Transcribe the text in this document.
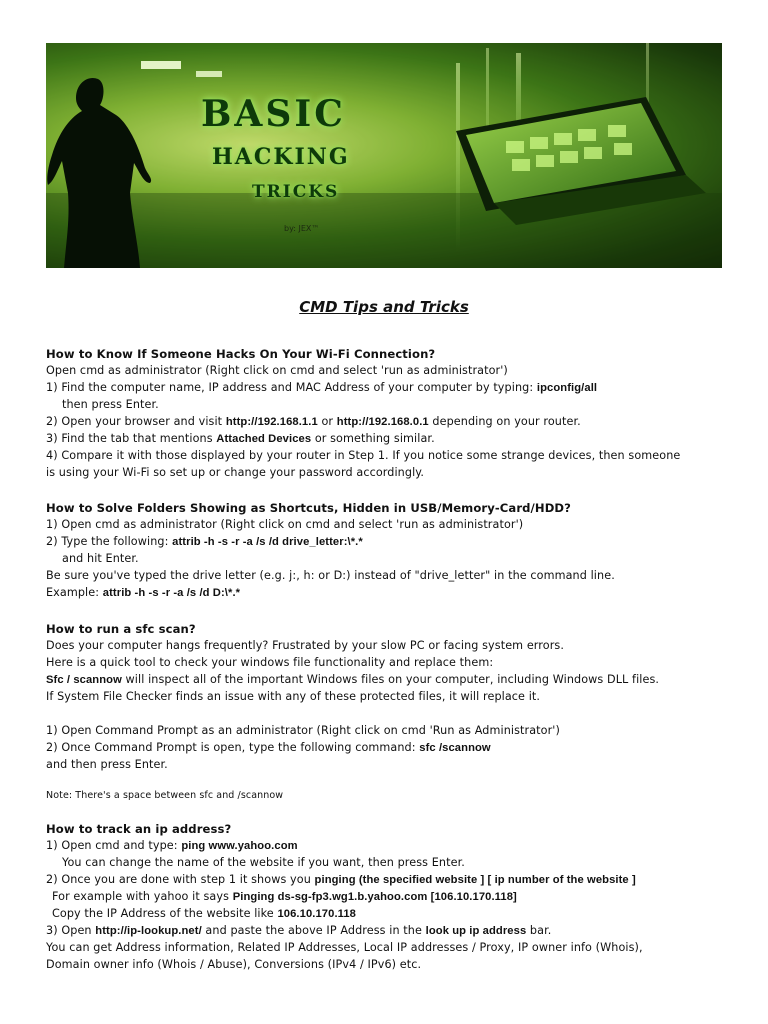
BASIC
HACKING
TRICKS
by: JEX™
CMD Tips and Tricks
How to Know If Someone Hacks On Your Wi-Fi Connection?
Open cmd as administrator (Right click on cmd and select 'run as administrator')
1) Find the computer name, IP address and MAC Address of your computer by typing: ipconfig/all
then press Enter.
2) Open your browser and visit http://192.168.1.1 or http://192.168.0.1 depending on your router.
3) Find the tab that mentions Attached Devices or something similar.
4) Compare it with those displayed by your router in Step 1. If you notice some strange devices, then someone
is using your Wi-Fi so set up or change your password accordingly.
How to Solve Folders Showing as Shortcuts, Hidden in USB/Memory-Card/HDD?
1) Open cmd as administrator (Right click on cmd and select 'run as administrator')
2) Type the following: attrib -h -s -r -a /s /d drive_letter:\*.*
and hit Enter.
Be sure you've typed the drive letter (e.g. j:, h: or D:) instead of "drive_letter" in the command line.
Example: attrib -h -s -r -a /s /d D:\*.*
How to run a sfc scan?
Does your computer hangs frequently? Frustrated by your slow PC or facing system errors.
Here is a quick tool to check your windows file functionality and replace them:
Sfc / scannow will inspect all of the important Windows files on your computer, including Windows DLL files.
If System File Checker finds an issue with any of these protected files, it will replace it.
1) Open Command Prompt as an administrator (Right click on cmd 'Run as Administrator')
2) Once Command Prompt is open, type the following command: sfc /scannow
and then press Enter.
Note: There's a space between sfc and /scannow
How to track an ip address?
1) Open cmd and type: ping www.yahoo.com
You can change the name of the website if you want, then press Enter.
2) Once you are done with step 1 it shows you pinging (the specified website ] [ ip number of the website ]
For example with yahoo it says Pinging ds-sg-fp3.wg1.b.yahoo.com [106.10.170.118]
Copy the IP Address of the website like 106.10.170.118
3) Open http://ip-lookup.net/ and paste the above IP Address in the look up ip address bar.
You can get Address information, Related IP Addresses, Local IP addresses / Proxy, IP owner info (Whois),
Domain owner info (Whois / Abuse), Conversions (IPv4 / IPv6) etc.
